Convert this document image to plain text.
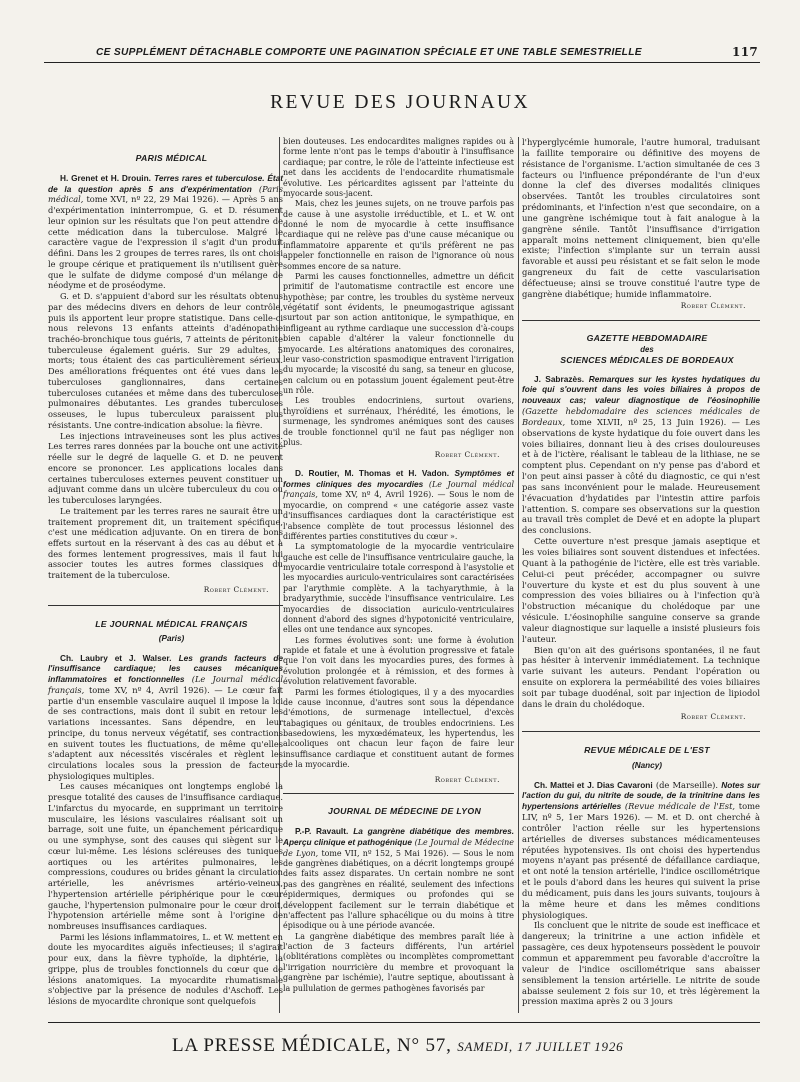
CE SUPPLÉMENT DÉTACHABLE COMPORTE UNE PAGINATION SPÉCIALE ET UNE TABLE SEMESTRIELLE	117
REVUE DES JOURNAUX

PARIS MÉDICAL

H. Grenet et H. Drouin. Terres rares et tuberculose. État de la question après 5 ans d'expérimentation (Paris médical, tome XVI, nº 22, 29 Mai 1926). — Après 5 ans d'expérimentation ininterrompue, G. et D. résument leur opinion sur les résultats que l'on peut attendre de cette médication dans la tuberculose. Malgré le caractère vague de l'expression il s'agit d'un produit défini. Dans les 2 groupes de terres rares, ils ont choisi le groupe cérique et pratiquement ils n'utilisent guère que le sulfate de didyme composé d'un mélange de néodyme et de proséodyme.

G. et D. s'appuient d'abord sur les résultats obtenus par des médecins divers en dehors de leur contrôle, puis ils apportent leur propre statistique. Dans celle-ci nous relevons 13 enfants atteints d'adénopathie trachéo-bronchique tous guéris, 7 atteints de péritonite tuberculeuse également guéris. Sur 29 adultes, 5 morts; tous étaient des cas particulièrement sérieux. Des améliorations fréquentes ont été vues dans les tuberculoses ganglionnaires, dans certaines tuberculoses cutanées et même dans des tuberculoses pulmonaires débutantes. Les grandes tuberculoses osseuses, le lupus tuberculeux paraissent plus résistants. Une contre-indication absolue: la fièvre.

Les injections intraveineuses sont les plus actives. Les terres rares données par la bouche ont une activité réelle sur le degré de laquelle G. et D. ne peuvent encore se prononcer. Les applications locales dans certaines tuberculoses externes peuvent constituer un adjuvant comme dans un ulcère tuberculeux du cou ou les tuberculoses laryngées.

Le traitement par les terres rares ne saurait être un traitement proprement dit, un traitement spécifique, c'est une médication adjuvante. On en tirera de bons effets surtout en la réservant à des cas au début et à des formes lentement progressives, mais il faut lui associer toutes les autres formes classiques du traitement de la tuberculose.

Robert Clément.

LE JOURNAL MÉDICAL FRANÇAIS

(Paris)

Ch. Laubry et J. Walser. Les grands facteurs de l'insuffisance cardiaque; les causes mécaniques inflammatoires et fonctionnelles (Le Journal médical français, tome XV, nº 4, Avril 1926). — Le cœur fait partie d'un ensemble vasculaire auquel il impose la loi de ses contractions, mais dont il subit en retour les variations incessantes. Sans dépendre, en leur principe, du tonus nerveux végétatif, ses contractions en suivent toutes les fluctuations, de même qu'elles s'adaptent aux nécessités viscérales et règlent les circulations locales sous la pression de facteurs physiologiques multiples.

Les causes mécaniques ont longtemps englobé la presque totalité des causes de l'insuffisance cardiaque. L'infarctus du myocarde, en supprimant un territoire musculaire, les lésions vasculaires réalisant soit un barrage, soit une fuite, un épanchement péricardique ou une symphyse, sont des causes qui siègent sur le cœur lui-même. Les lésions scléreuses des tuniques aortiques ou les artérites pulmonaires, les compressions, coudures ou brides gênant la circulation artérielle, les anévrismes artério-veineux, l'hypertension artérielle périphérique pour le cœur gauche, l'hypertension pulmonaire pour le cœur droit, l'hypotension artérielle même sont à l'origine de nombreuses insuffisances cardiaques.

Parmi les lésions inflammatoires, L. et W. mettent en doute les myocardites aiguës infectieuses; il s'agirait pour eux, dans la fièvre typhoïde, la diphtérie, la grippe, plus de troubles fonctionnels du cœur que de lésions anatomiques. La myocardite rhumatismale s'objective par la présence de nodules d'Aschoff. Les lésions de myocardite chronique sont quelquefois

bien douteuses. Les endocardites malignes rapides ou à forme lente n'ont pas le temps d'aboutir à l'insuffisance cardiaque; par contre, le rôle de l'atteinte infectieuse est net dans les accidents de l'endocardite rhumatismale évolutive. Les péricardites agissent par l'atteinte du myocarde sous-jacent.

Mais, chez les jeunes sujets, on ne trouve parfois pas de cause à une asystolie irréductible, et L. et W. ont donné le nom de myocardie à cette insuffisance cardiaque qui ne relève pas d'une cause mécanique ou inflammatoire apparente et qu'ils préfèrent ne pas appeler fonctionnelle en raison de l'ignorance où nous sommes encore de sa nature.

Parmi les causes fonctionnelles, admettre un déficit primitif de l'automatisme contractile est encore une hypothèse; par contre, les troubles du système nerveux végétatif sont évidents, le pneumogastrique agissant surtout par son action antitonique, le sympathique, en infligeant au rythme cardiaque une succession d'à-coups bien capable d'altérer la valeur fonctionnelle du myocarde. Les altérations anatomiques des coronaires, leur vaso-constriction spasmodique entravent l'irrigation du myocarde; la viscosité du sang, sa teneur en glucose, en calcium ou en potassium jouent également peut-être un rôle.

Les troubles endocriniens, surtout ovariens, thyroïdiens et surrénaux, l'hérédité, les émotions, le surmenage, les syndromes anémiques sont des causes de trouble fonctionnel qu'il ne faut pas négliger non plus.

Robert Clément.

D. Routier, M. Thomas et H. Vadon. Symptômes et formes cliniques des myocardies (Le Journal médical français, tome XV, nº 4, Avril 1926). — Sous le nom de myocardie, on comprend « une catégorie assez vaste d'insuffisances cardiaques dont la caractéristique est l'absence complète de tout processus lésionnel des différentes parties constitutives du cœur ».

La symptomatologie de la myocardie ventriculaire gauche est celle de l'insuffisance ventriculaire gauche, la myocardie ventriculaire totale correspond à l'asystolie et les myocardies auriculo-ventriculaires sont caractérisées par l'arythmie complète. A la tachyarythmie, à la bradyarythmie, succède l'insuffisance ventriculaire. Les myocardies de dissociation auriculo-ventriculaires donnent d'abord des signes d'hypotonicité ventriculaire, elles ont une tendance aux syncopes.

Les formes évolutives sont: une forme à évolution rapide et fatale et une à évolution progressive et fatale que l'on voit dans les myocardies pures, des formes à évolution prolongée et à rémission, et des formes à évolution relativement favorable.

Parmi les formes étiologiques, il y a des myocardies de cause inconnue, d'autres sont sous la dépendance d'émotions, de surmenage intellectuel, d'excès tabagiques ou génitaux, de troubles endocriniens. Les basedowiens, les myxœdémateux, les hypertendus, les alcooliques ont chacun leur façon de faire leur insuffisance cardiaque et constituent autant de formes de la myocardie.

Robert Clément.

JOURNAL DE MÉDECINE DE LYON

P.-P. Ravault. La gangrène diabétique des membres. Aperçu clinique et pathogénique (Le Journal de Médecine de Lyon, tome VII, nº 152, 5 Mai 1926). — Sous le nom de gangrènes diabétiques, on a décrit longtemps groupé des faits assez disparates. Un certain nombre ne sont pas des gangrènes en réalité, seulement des infections épidermiques, dermiques ou profondes qui se développent facilement sur le terrain diabétique et n'affectent pas l'allure sphacélique ou du moins à titre épisodique ou à une période avancée.

La gangrène diabétique des membres paraît liée à l'action de 3 facteurs différents, l'un artériel (oblitérations complètes ou incomplètes compromettant l'irrigation nourricière du membre et provoquant la gangrène par ischémie), l'autre septique, aboutissant à la pullulation de germes pathogènes favorisés par

l'hyperglycémie humorale, l'autre humoral, traduisant la faillite temporaire ou définitive des moyens de résistance de l'organisme. L'action simultanée de ces 3 facteurs ou l'influence prépondérante de l'un d'eux donne la clef des diverses modalités cliniques observées. Tantôt les troubles circulatoires sont prédominants, et l'infection n'est que secondaire, on a une gangrène ischémique tout à fait analogue à la gangrène sénile. Tantôt l'insuffisance d'irrigation apparaît moins nettement cliniquement, bien qu'elle existe; l'infection s'implante sur un terrain aussi favorable et aussi peu résistant et se fait selon le mode gangreneux du fait de cette vascularisation défectueuse; ainsi se trouve constitué l'autre type de gangrène diabétique; humide inflammatoire.

Robert Clément.

GAZETTE HEBDOMADAIRE

des

SCIENCES MÉDICALES DE BORDEAUX

J. Sabrazès. Remarques sur les kystes hydatiques du foie qui s'ouvrent dans les voies biliaires à propos de nouveaux cas; valeur diagnostique de l'éosinophilie (Gazette hebdomadaire des sciences médicales de Bordeaux, tome XLVII, nº 25, 13 Juin 1926). — Les observations de kyste hydatique du foie ouvert dans les voies biliaires, donnant lieu à des crises douloureuses et à de l'ictère, réalisant le tableau de la lithiase, ne se comptent plus. Cependant on n'y pense pas d'abord et l'on peut ainsi passer à côté du diagnostic, ce qui n'est pas sans inconvénient pour le malade. Heureusement l'évacuation d'hydatides par l'intestin attire parfois l'attention. S. compare ses observations sur la question au travail très complet de Devé et en adopte la plupart des conclusions.

Cette ouverture n'est presque jamais aseptique et les voies biliaires sont souvent distendues et infectées. Quant à la pathogénie de l'ictère, elle est très variable. Celui-ci peut précéder, accompagner ou suivre l'ouverture du kyste et est du plus souvent à une compression des voies biliaires ou à l'infection qu'à l'obstruction mécanique du cholédoque par une vésicule. L'éosinophilie sanguine conserve sa grande valeur diagnostique sur laquelle a insisté plusieurs fois l'auteur.

Bien qu'on ait des guérisons spontanées, il ne faut pas hésiter à intervenir immédiatement. La technique varie suivant les auteurs. Pendant l'opération ou ensuite on explorera la perméabilité des voies biliaires soit par tubage duodénal, soit par injection de lipiodol dans le drain du cholédoque.

Robert Clément.

REVUE MÉDICALE DE L'EST

(Nancy)

Ch. Mattei et J. Dias Cavaroni (de Marseille). Notes sur l'action du gui, du nitrite de soude, de la trinitrine dans les hypertensions artérielles (Revue médicale de l'Est, tome LIV, nº 5, 1er Mars 1926). — M. et D. ont cherché à contrôler l'action réelle sur les hypertensions artérielles de diverses substances médicamenteuses réputées hypotensives. Ils ont choisi des hypertendus moyens n'ayant pas présenté de défaillance cardiaque, et ont noté la tension artérielle, l'indice oscillométrique et le pouls d'abord dans les heures qui suivent la prise du médicament, puis dans les jours suivants, toujours à la même heure et dans les mêmes conditions physiologiques.

Ils concluent que le nitrite de soude est inefficace et dangereux; la trinitrine a une action infidèle et passagère, ces deux hypotenseurs possèdent le pouvoir commun et apparemment peu favorable d'accroître la valeur de l'indice oscillométrique sans abaisser sensiblement la tension artérielle. Le nitrite de soude abaisse seulement 2 fois sur 10, et très légèrement la pression maxima après 2 ou 3 jours

LA PRESSE MÉDICALE, N° 57, SAMEDI, 17 JUILLET 1926
